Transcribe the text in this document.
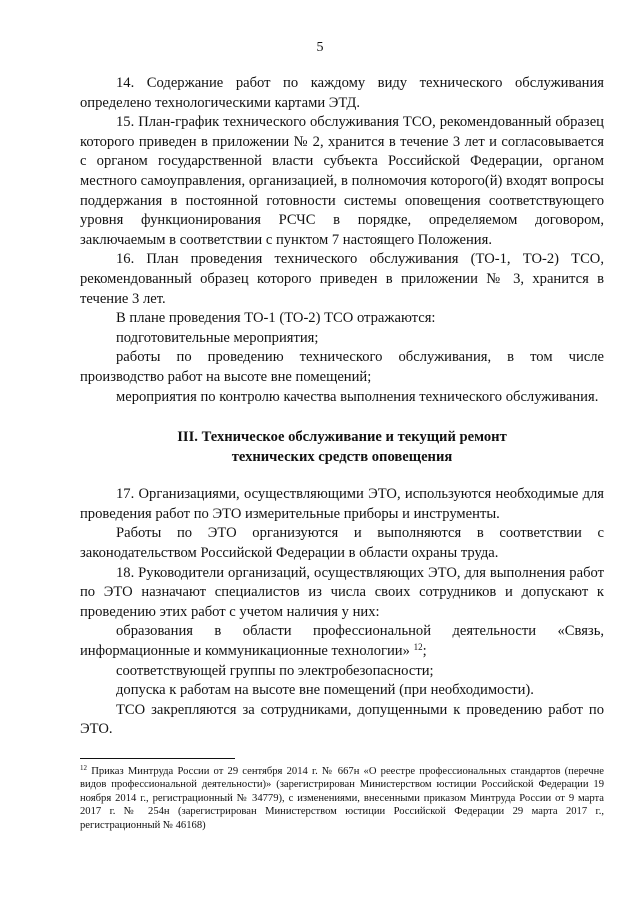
5

14. Содержание работ по каждому виду технического обслуживания определено технологическими картами ЭТД.

15. План-график технического обслуживания ТСО, рекомендованный образец которого приведен в приложении № 2, хранится в течение 3 лет и согласовывается с органом государственной власти субъекта Российской Федерации, органом местного самоуправления, организацией, в полномочия которого(й) входят вопросы поддержания в постоянной готовности системы оповещения соответствующего уровня функционирования РСЧС в порядке, определяемом договором, заключаемым в соответствии с пунктом 7 настоящего Положения.

16. План проведения технического обслуживания (ТО-1, ТО-2) ТСО, рекомендованный образец которого приведен в приложении № 3, хранится в течение 3 лет.

В плане проведения ТО-1 (ТО-2) ТСО отражаются:

подготовительные мероприятия;

работы по проведению технического обслуживания, в том числе производство работ на высоте вне помещений;

мероприятия по контролю качества выполнения технического обслуживания.

III. Техническое обслуживание и текущий ремонт
технических средств оповещения

17. Организациями, осуществляющими ЭТО, используются необходимые для проведения работ по ЭТО измерительные приборы и инструменты.

Работы по ЭТО организуются и выполняются в соответствии с законодательством Российской Федерации в области охраны труда.

18. Руководители организаций, осуществляющих ЭТО, для выполнения работ по ЭТО назначают специалистов из числа своих сотрудников и допускают к проведению этих работ с учетом наличия у них:

образования в области профессиональной деятельности «Связь, информационные и коммуникационные технологии» $^{12}$;

соответствующей группы по электробезопасности;

допуска к работам на высоте вне помещений (при необходимости).

ТСО закрепляются за сотрудниками, допущенными к проведению работ по ЭТО.

$^{12}$ Приказ Минтруда России от 29 сентября 2014 г. № 667н «О реестре профессиональных стандартов (перечне видов профессиональной деятельности)» (зарегистрирован Министерством юстиции Российской Федерации 19 ноября 2014 г., регистрационный № 34779), с изменениями, внесенными приказом Минтруда России от 9 марта 2017 г. № 254н (зарегистрирован Министерством юстиции Российской Федерации 29 марта 2017 г., регистрационный № 46168)
